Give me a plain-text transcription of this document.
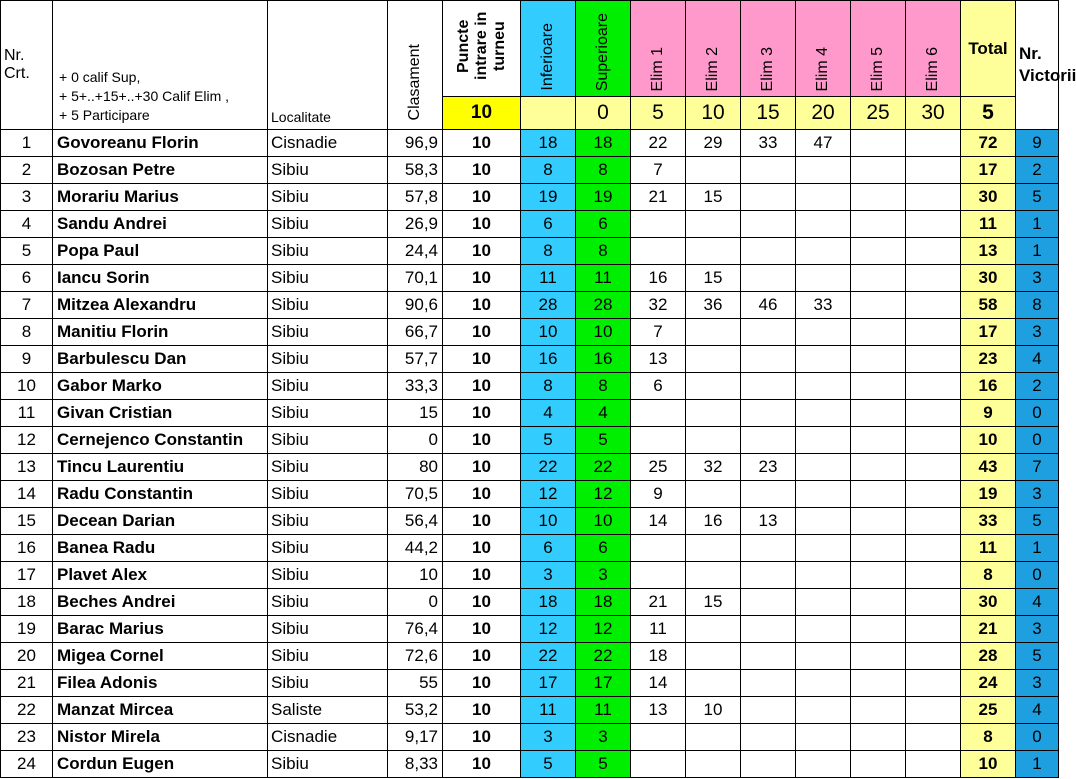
Nr. Crt.	+ 0 calif Sup,
+ 5+..+15+..+30 Calif Elim ,
+ 5 Participare	Localitate	Clasament	Puncte intrare in turneu	Inferioare	Superioare	Elim 1	Elim 2	Elim 3	Elim 4	Elim 5	Elim 6	Total	Nr. Victorii
				10		0	5	10	15	20	25	30	5	
1	Govoreanu Florin	Cisnadie	96,9	10	18	18	22	29	33	47			72	9
2	Bozosan Petre	Sibiu	58,3	10	8	8	7						17	2
3	Morariu Marius	Sibiu	57,8	10	19	19	21	15					30	5
4	Sandu Andrei	Sibiu	26,9	10	6	6							11	1
5	Popa Paul	Sibiu	24,4	10	8	8							13	1
6	Iancu Sorin	Sibiu	70,1	10	11	11	16	15					30	3
7	Mitzea Alexandru	Sibiu	90,6	10	28	28	32	36	46	33			58	8
8	Manitiu Florin	Sibiu	66,7	10	10	10	7						17	3
9	Barbulescu Dan	Sibiu	57,7	10	16	16	13						23	4
10	Gabor Marko	Sibiu	33,3	10	8	8	6						16	2
11	Givan Cristian	Sibiu	15	10	4	4							9	0
12	Cernejenco Constantin	Sibiu	0	10	5	5							10	0
13	Tincu Laurentiu	Sibiu	80	10	22	22	25	32	23				43	7
14	Radu Constantin	Sibiu	70,5	10	12	12	9						19	3
15	Decean Darian	Sibiu	56,4	10	10	10	14	16	13				33	5
16	Banea Radu	Sibiu	44,2	10	6	6							11	1
17	Plavet Alex	Sibiu	10	10	3	3							8	0
18	Beches Andrei	Sibiu	0	10	18	18	21	15					30	4
19	Barac Marius	Sibiu	76,4	10	12	12	11						21	3
20	Migea Cornel	Sibiu	72,6	10	22	22	18						28	5
21	Filea Adonis	Sibiu	55	10	17	17	14						24	3
22	Manzat Mircea	Saliste	53,2	10	11	11	13	10					25	4
23	Nistor Mirela	Cisnadie	9,17	10	3	3							8	0
24	Cordun Eugen	Sibiu	8,33	10	5	5							10	1
